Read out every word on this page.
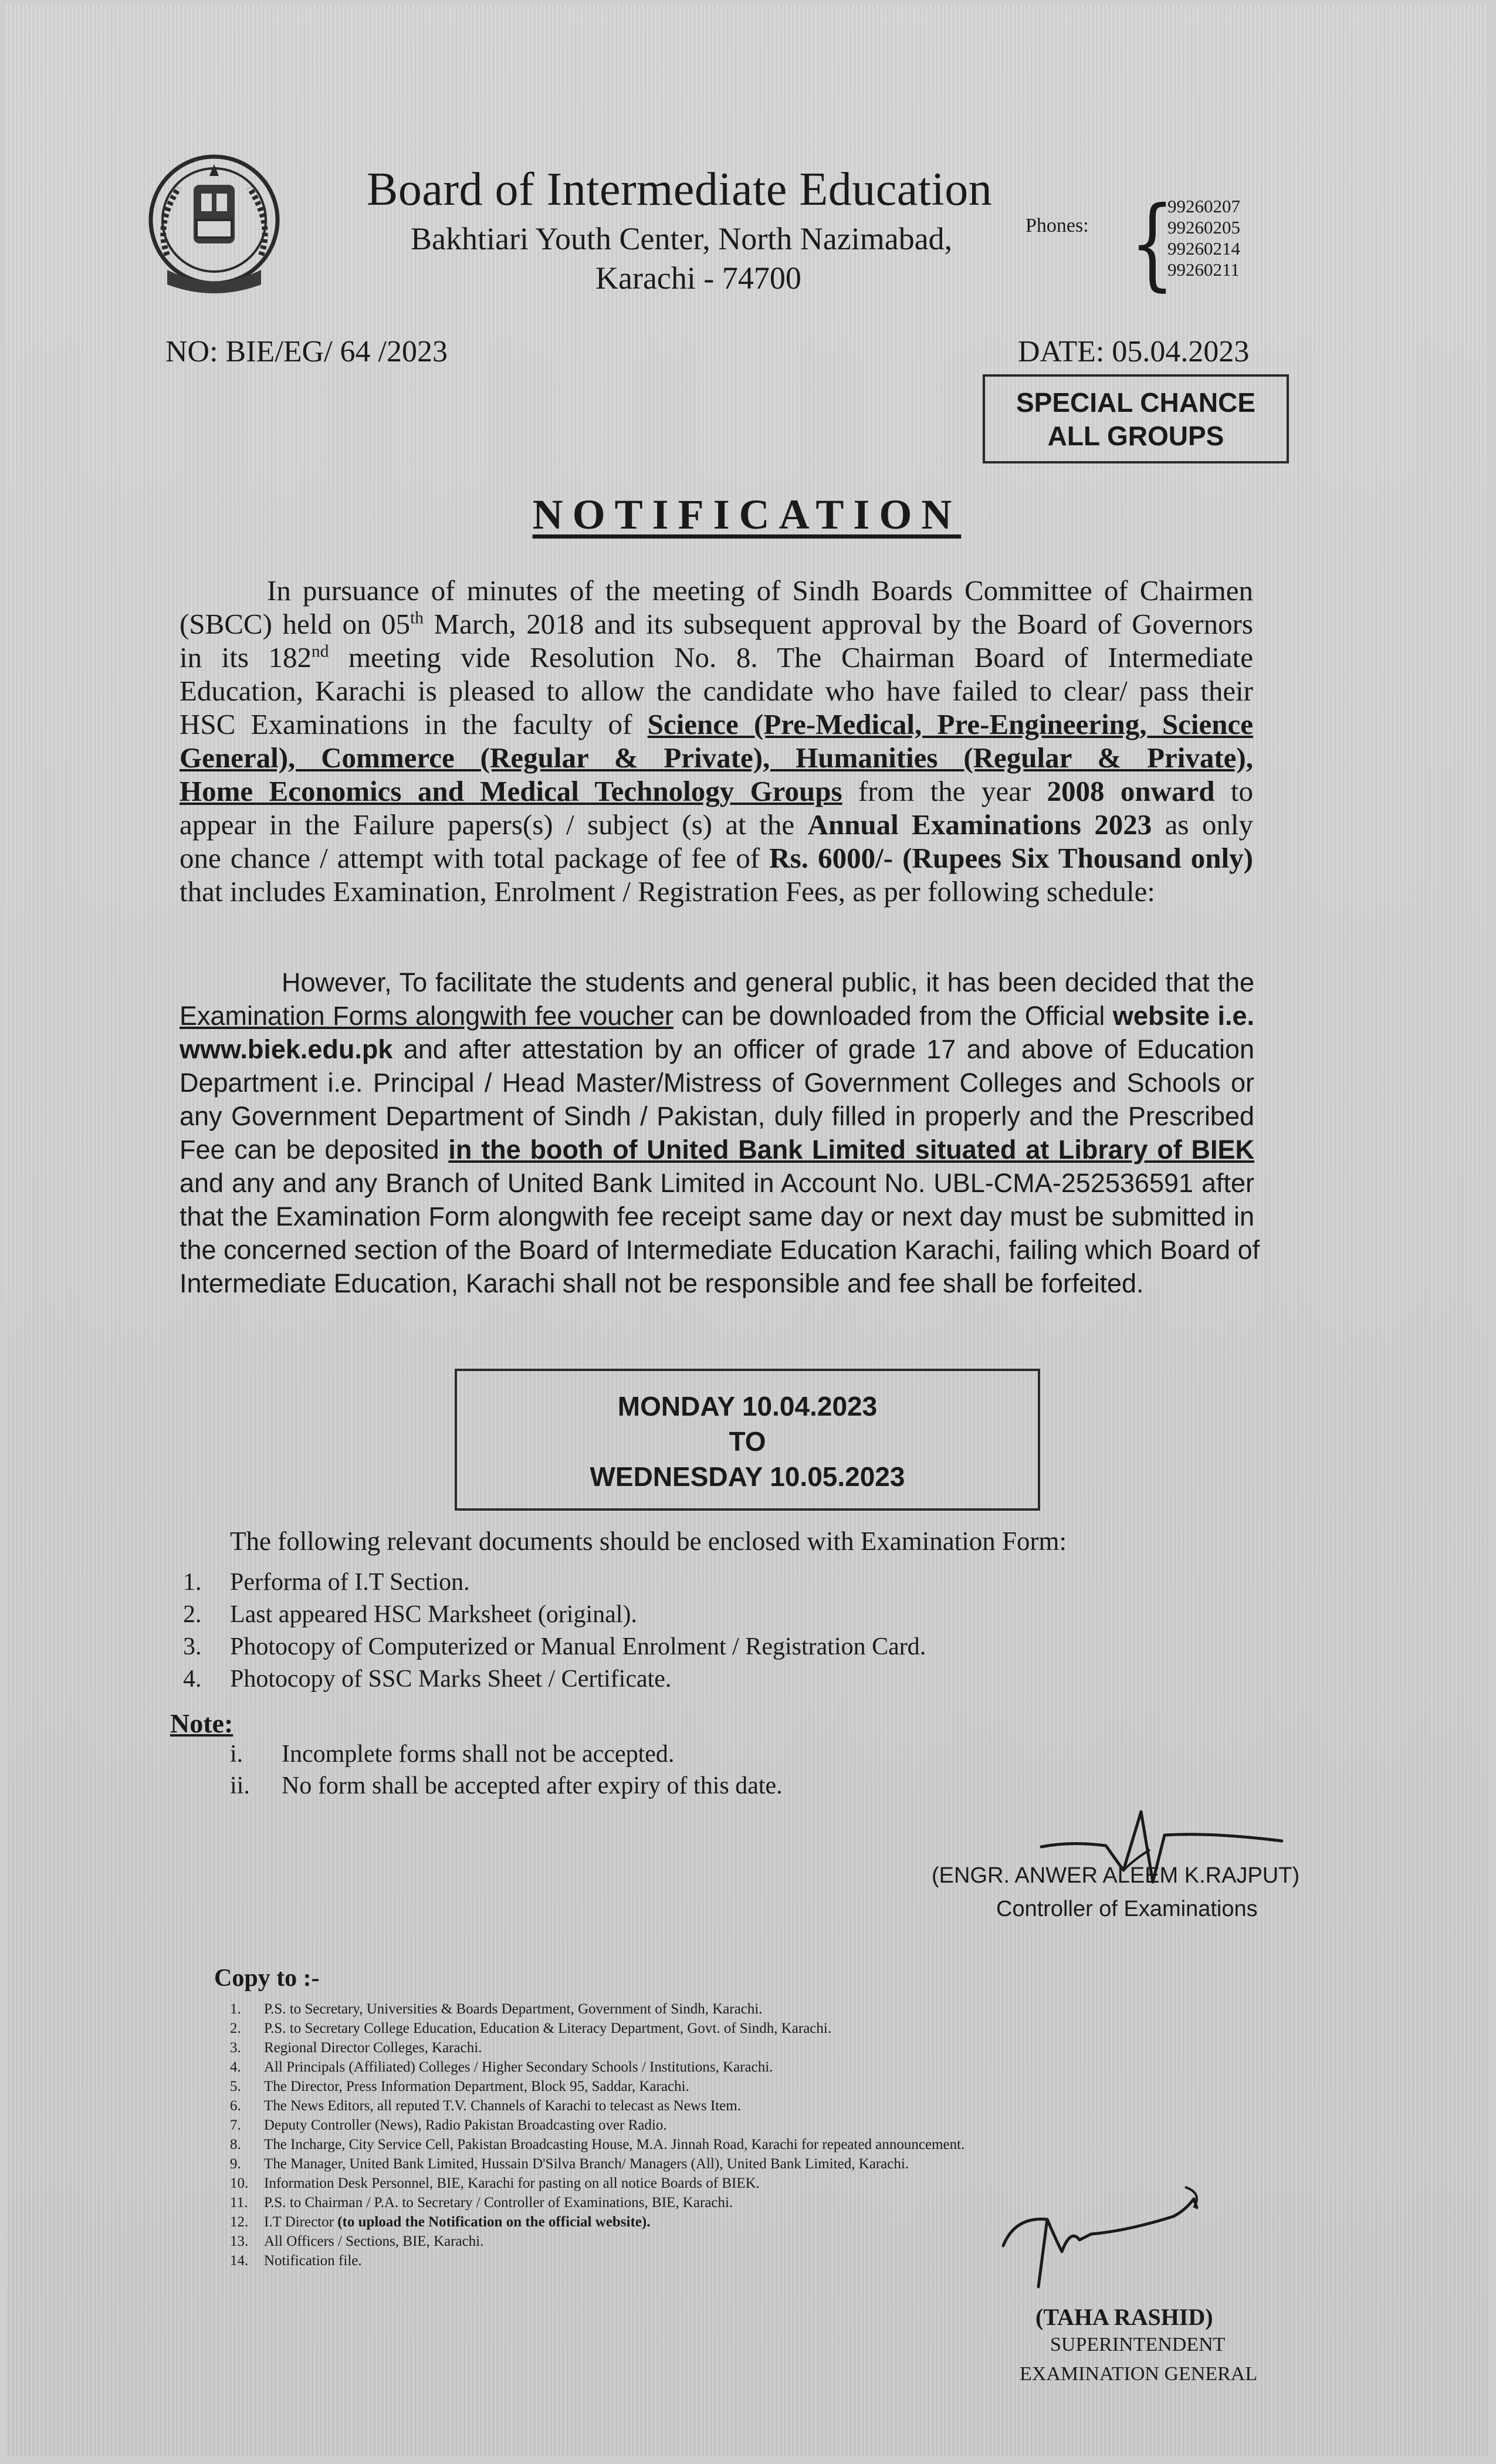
Board of Intermediate Education
Bakhtiari Youth Center, North Nazimabad,
Karachi - 74700
Phones: {
99260207
99260205
99260214
99260211
NO: BIE/EG/ 64 /2023	DATE: 05.04.2023
SPECIAL CHANCE
ALL GROUPS
NOTIFICATION
In pursuance of minutes of the meeting of Sindh Boards Committee of Chairmen
(SBCC) held on 05th March, 2018 and its subsequent approval by the Board of Governors
in its 182nd meeting vide Resolution No. 8. The Chairman Board of Intermediate
Education, Karachi is pleased to allow the candidate who have failed to clear/ pass their
HSC Examinations in the faculty of Science (Pre-Medical, Pre-Engineering, Science
General), Commerce (Regular & Private), Humanities (Regular & Private),
Home Economics and Medical Technology Groups from the year 2008 onward to
appear in the Failure papers(s) / subject (s) at the Annual Examinations 2023 as only
one chance / attempt with total package of fee of Rs. 6000/- (Rupees Six Thousand only)
that includes Examination, Enrolment / Registration Fees, as per following schedule:
However, To facilitate the students and general public, it has been decided that the
Examination Forms alongwith fee voucher can be downloaded from the Official website i.e.
www.biek.edu.pk and after attestation by an officer of grade 17 and above of Education
Department i.e. Principal / Head Master/Mistress of Government Colleges and Schools or
any Government Department of Sindh / Pakistan, duly filled in properly and the Prescribed
Fee can be deposited in the booth of United Bank Limited situated at Library of BIEK
and any and any Branch of United Bank Limited in Account No. UBL-CMA-252536591 after
that the Examination Form alongwith fee receipt same day or next day must be submitted in
the concerned section of the Board of Intermediate Education Karachi, failing which Board of
Intermediate Education, Karachi shall not be responsible and fee shall be forfeited.
MONDAY 10.04.2023
TO
WEDNESDAY 10.05.2023
The following relevant documents should be enclosed with Examination Form:
1. Performa of I.T Section.
2. Last appeared HSC Marksheet (original).
3. Photocopy of Computerized or Manual Enrolment / Registration Card.
4. Photocopy of SSC Marks Sheet / Certificate.
Note:
i. Incomplete forms shall not be accepted.
ii. No form shall be accepted after expiry of this date.
(ENGR. ANWER ALEEM K.RAJPUT)
Controller of Examinations
Copy to :-
1. P.S. to Secretary, Universities & Boards Department, Government of Sindh, Karachi.
2. P.S. to Secretary College Education, Education & Literacy Department, Govt. of Sindh, Karachi.
3. Regional Director Colleges, Karachi.
4. All Principals (Affiliated) Colleges / Higher Secondary Schools / Institutions, Karachi.
5. The Director, Press Information Department, Block 95, Saddar, Karachi.
6. The News Editors, all reputed T.V. Channels of Karachi to telecast as News Item.
7. Deputy Controller (News), Radio Pakistan Broadcasting over Radio.
8. The Incharge, City Service Cell, Pakistan Broadcasting House, M.A. Jinnah Road, Karachi for repeated announcement.
9. The Manager, United Bank Limited, Hussain D'Silva Branch/ Managers (All), United Bank Limited, Karachi.
10. Information Desk Personnel, BIE, Karachi for pasting on all notice Boards of BIEK.
11. P.S. to Chairman / P.A. to Secretary / Controller of Examinations, BIE, Karachi.
12. I.T Director (to upload the Notification on the official website).
13. All Officers / Sections, BIE, Karachi.
14. Notification file.
(TAHA RASHID)
SUPERINTENDENT
EXAMINATION GENERAL
